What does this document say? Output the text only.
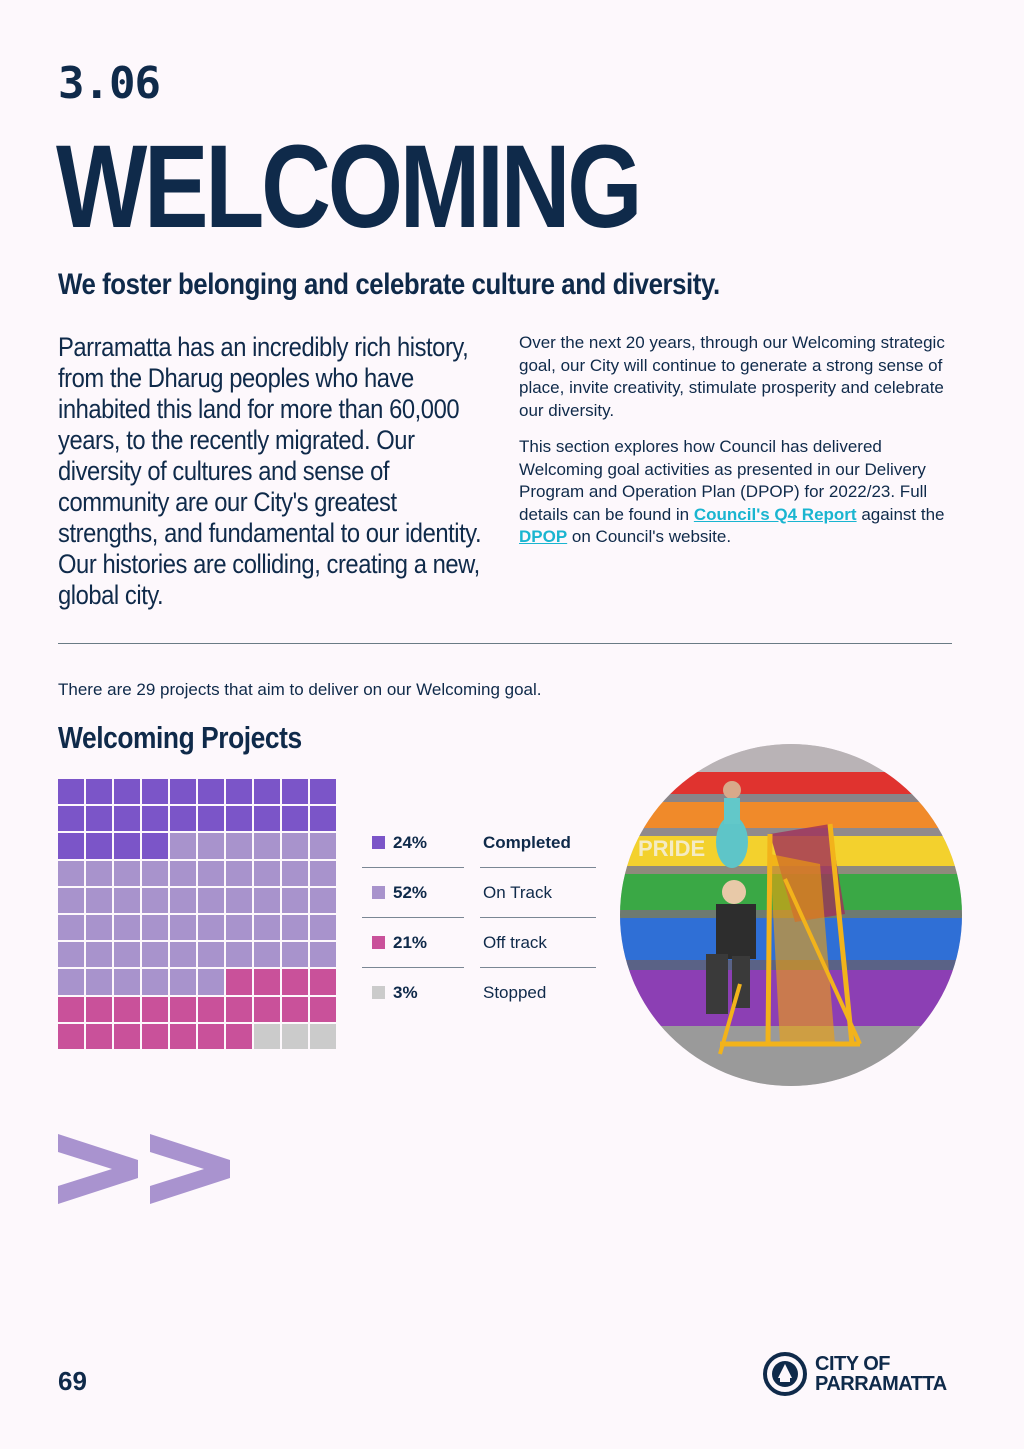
3.06
WELCOMING
We foster belonging and celebrate culture and diversity.

Parramatta has an incredibly rich history, from the Dharug peoples who have inhabited this land for more than 60,000 years, to the recently migrated. Our diversity of cultures and sense of community are our City's greatest strengths, and fundamental to our identity. Our histories are colliding, creating a new, global city.

Over the next 20 years, through our Welcoming strategic goal, our City will continue to generate a strong sense of place, invite creativity, stimulate prosperity and celebrate our diversity.

This section explores how Council has delivered Welcoming goal activities as presented in our Delivery Program and Operation Plan (DPOP) for 2022/23. Full details can be found in Council's Q4 Report against the DPOP on Council's website.

There are 29 projects that aim to deliver on our Welcoming goal.

Welcoming Projects
24%	Completed
52%	On Track
21%	Off track
3%	Stopped
PRIDE

69

CITY OF
PARRAMATTA
